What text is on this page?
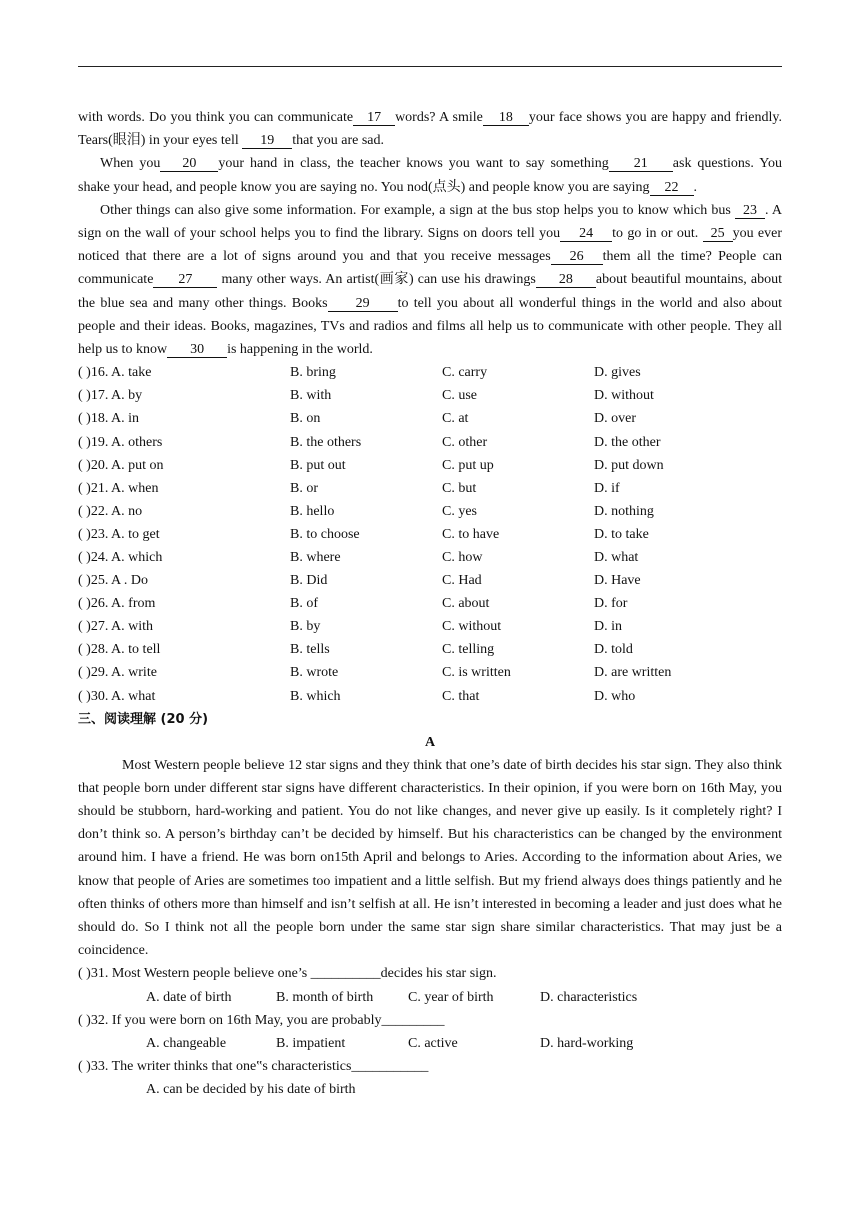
with words. Do you think you can communicate 17 words? A smile 18 your face shows you are happy and friendly. Tears(眼泪) in your eyes tell 19 that you are sad.

When you 20 your hand in class, the teacher knows you want to say something 21 ask questions. You shake your head, and people know you are saying no. You nod(点头) and people know you are saying 22 .

Other things can also give some information. For example, a sign at the bus stop helps you to know which bus 23 . A sign on the wall of your school helps you to find the library. Signs on doors tell you 24 to go in or out. 25 you ever noticed that there are a lot of signs around you and that you receive messages 26 them all the time? People can communicate 27 many other ways. An artist(画家) can use his drawings 28 about beautiful mountains, about the blue sea and many other things. Books 29 to tell you about all wonderful things in the world and also about people and their ideas. Books, magazines, TVs and radios and films all help us to communicate with other people. They all help us to know 30 is happening in the world.

( )16. A. take	B. bring	C. carry	D. gives
( )17. A. by	B. with	C. use	D. without
( )18. A. in	B. on	C. at	D. over
( )19. A. others	B. the others	C. other	D. the other
( )20. A. put on	B. put out	C. put up	D. put down
( )21. A. when	B. or	C. but	D. if
( )22. A. no	B. hello	C. yes	D. nothing
( )23. A. to get	B. to choose	C. to have	D. to take
( )24. A. which	B. where	C. how	D. what
( )25. A . Do	B. Did	C. Had	D. Have
( )26. A. from	B. of	C. about	D. for
( )27. A. with	B. by	C. without	D. in
( )28. A. to tell	B. tells	C. telling	D. told
( )29. A. write	B. wrote	C. is written	D. are written
( )30. A. what	B. which	C. that	D. who
三、阅读理解 (20 分)
A

Most Western people believe 12 star signs and they think that one’s date of birth decides his star sign. They also think that people born under different star signs have different characteristics. In their opinion, if you were born on 16th May, you should be stubborn, hard-working and patient. You do not like changes, and never give up easily. Is it completely right? I don’t think so. A person’s birthday can’t be decided by himself. But his characteristics can be changed by the environment around him. I have a friend. He was born on15th April and belongs to Aries. According to the information about Aries, we know that people of Aries are sometimes too impatient and a little selfish. But my friend always does things patiently and he often thinks of others more than himself and isn’t selfish at all. He isn’t interested in becoming a leader and just does what he should do. So I think not all the people born under the same star sign share similar characteristics. That may just be a coincidence.

( )31. Most Western people believe one’s __________decides his star sign.
A. date of birth	B. month of birth C. year of birth	D. characteristics
( )32. If you were born on 16th May, you are probably_________
A. changeable	B. impatient	C. active	D. hard-working
( )33. The writer thinks that one‟s characteristics___________
A. can be decided by his date of birth
